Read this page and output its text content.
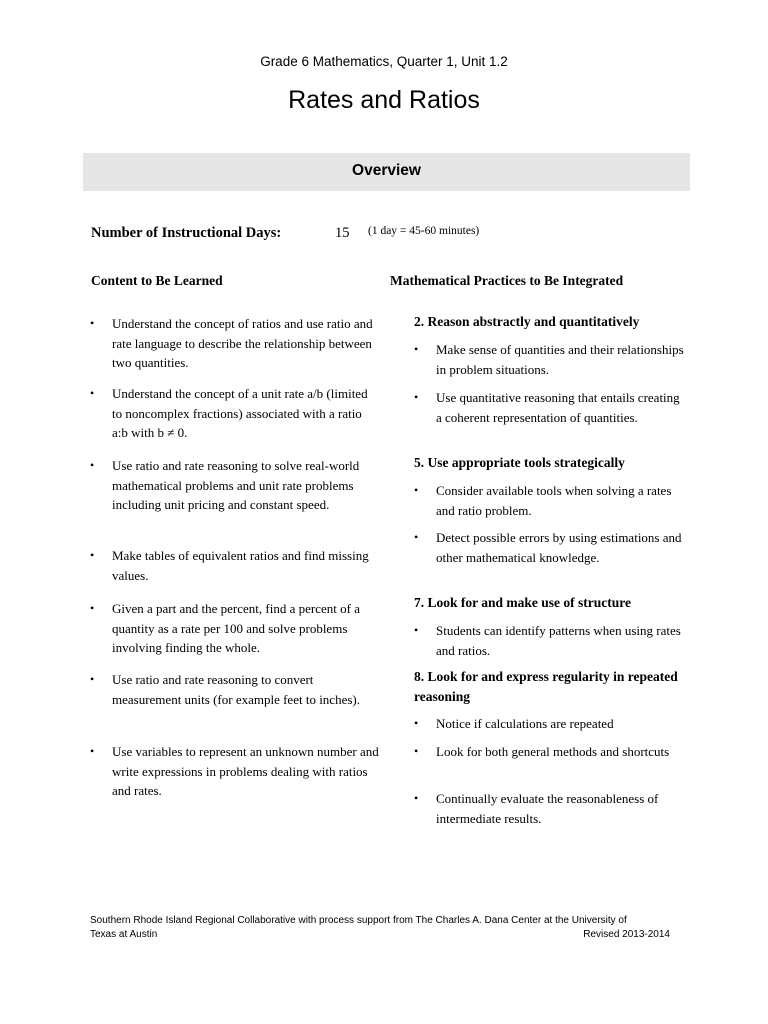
Grade 6 Mathematics, Quarter 1, Unit 1.2
Rates and Ratios
Overview
Number of Instructional Days:	15 (1 day = 45-60 minutes)
Content to Be Learned	Mathematical Practices to Be Integrated
• Understand the concept of ratios and use ratio and rate language to describe the relationship between two quantities.
• Understand the concept of a unit rate a/b (limited to noncomplex fractions) associated with a ratio a:b with b ≠ 0.
• Use ratio and rate reasoning to solve real-world mathematical problems and unit rate problems including unit pricing and constant speed.
• Make tables of equivalent ratios and find missing values.
• Given a part and the percent, find a percent of a quantity as a rate per 100 and solve problems involving finding the whole.
• Use ratio and rate reasoning to convert measurement units (for example feet to inches).
• Use variables to represent an unknown number and write expressions in problems dealing with ratios and rates.
2. Reason abstractly and quantitatively
• Make sense of quantities and their relationships in problem situations.
• Use quantitative reasoning that entails creating a coherent representation of quantities.
5. Use appropriate tools strategically
• Consider available tools when solving a rates and ratio problem.
• Detect possible errors by using estimations and other mathematical knowledge.
7. Look for and make use of structure
• Students can identify patterns when using rates and ratios.
8. Look for and express regularity in repeated reasoning
• Notice if calculations are repeated
• Look for both general methods and shortcuts
• Continually evaluate the reasonableness of intermediate results.
Southern Rhode Island Regional Collaborative with process support from The Charles A. Dana Center at the University of
Texas at Austin	Revised 2013-2014
